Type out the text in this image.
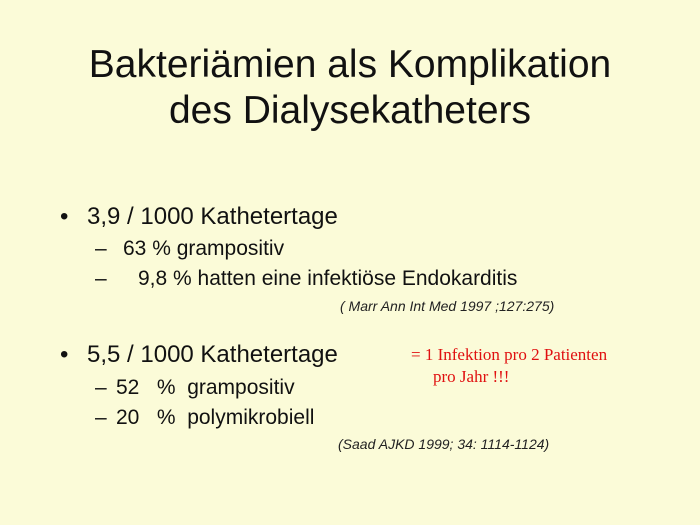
Bakteriämien als Komplikation
des Dialysekatheters
• 3,9 / 1000 Kathetertage
– 63 % grampositiv
– 9,8 % hatten eine infektiöse Endokarditis
( Marr Ann Int Med 1997 ;127:275)
• 5,5 / 1000 Kathetertage
– 52   %  grampositiv
– 20   %  polymikrobiell
(Saad AJKD 1999; 34: 1114-1124)
= 1 Infektion pro 2 Patienten
pro Jahr !!!
